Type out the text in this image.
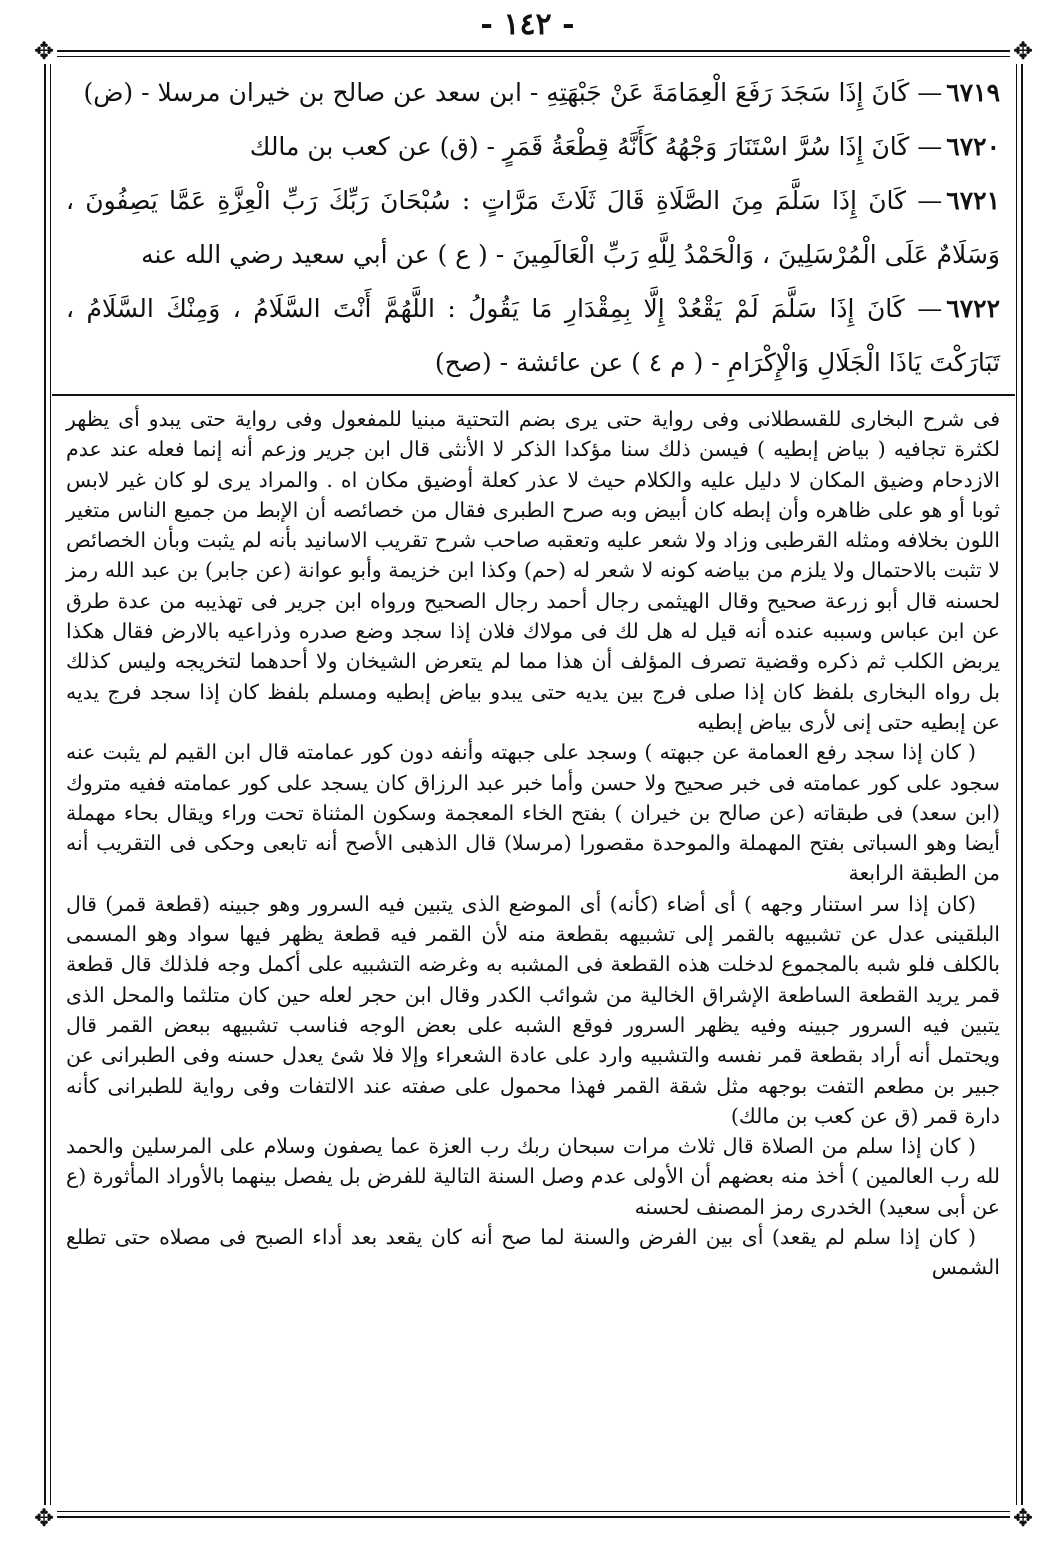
- ١٤٢ -
✥	✥
✥	✥

٦٧١٩— كَانَ إِذَا سَجَدَ رَفَعَ الْعِمَامَةَ عَنْ جَبْهَتِهِ - ابن سعد عن صالح بن خيران مرسلا - (ض)

٦٧٢٠— كَانَ إِذَا سُرَّ اسْتَنَارَ وَجْهُهُ كَأَنَّهُ قِطْعَةُ قَمَرٍ - (ق) عن كعب بن مالك

٦٧٢١— كَانَ إِذَا سَلَّمَ مِنَ الصَّلَاةِ قَالَ ثَلَاثَ مَرَّاتٍ : سُبْحَانَ رَبِّكَ رَبِّ الْعِزَّةِ عَمَّا يَصِفُونَ ، وَسَلَامٌ عَلَى الْمُرْسَلِينَ ، وَالْحَمْدُ لِلَّهِ رَبِّ الْعَالَمِينَ - ( ع ) عن أبي سعيد رضي الله عنه

٦٧٢٢— كَانَ إِذَا سَلَّمَ لَمْ يَقْعُدْ إِلَّا بِمِقْدَارِ مَا يَقُولُ : اللَّهُمَّ أَنْتَ السَّلَامُ ، وَمِنْكَ السَّلَامُ ، تَبَارَكْتَ يَاذَا الْجَلَالِ وَالْإِكْرَامِ - ( م ٤ ) عن عائشة - (صح)

فى شرح البخارى للقسطلانى وفى رواية حتى يرى بضم التحتية مبنيا للمفعول وفى رواية حتى يبدو أى يظهر لكثرة تجافيه ( بياض إبطيه ) فيسن ذلك سنا مؤكدا الذكر لا الأنثى قال ابن جرير وزعم أنه إنما فعله عند عدم الازدحام وضيق المكان لا دليل عليه والكلام حيث لا عذر كعلة أوضيق مكان اه . والمراد يرى لو كان غير لابس ثوبا أو هو على ظاهره وأن إبطه كان أبيض وبه صرح الطبرى فقال من خصائصه أن الإبط من جميع الناس متغير اللون بخلافه ومثله القرطبى وزاد ولا شعر عليه وتعقبه صاحب شرح تقريب الاسانيد بأنه لم يثبت وبأن الخصائص لا تثبت بالاحتمال ولا يلزم من بياضه كونه لا شعر له (حم) وكذا ابن خزيمة وأبو عوانة (عن جابر) بن عبد الله رمز لحسنه قال أبو زرعة صحيح وقال الهيثمى رجال أحمد رجال الصحيح ورواه ابن جرير فى تهذيبه من عدة طرق عن ابن عباس وسببه عنده أنه قيل له هل لك فى مولاك فلان إذا سجد وضع صدره وذراعيه بالارض فقال هكذا يربض الكلب ثم ذكره وقضية تصرف المؤلف أن هذا مما لم يتعرض الشيخان ولا أحدهما لتخريجه وليس كذلك بل رواه البخارى بلفظ كان إذا صلى فرج بين يديه حتى يبدو بياض إبطيه ومسلم بلفظ كان إذا سجد فرج يديه عن إبطيه حتى إنى لأرى بياض إبطيه

( كان إذا سجد رفع العمامة عن جبهته ) وسجد على جبهته وأنفه دون كور عمامته قال ابن القيم لم يثبت عنه سجود على كور عمامته فى خبر صحيح ولا حسن وأما خبر عبد الرزاق كان يسجد على كور عمامته ففيه متروك (ابن سعد) فى طبقاته (عن صالح بن خيران ) بفتح الخاء المعجمة وسكون المثناة تحت وراء ويقال بحاء مهملة أيضا وهو السباتى بفتح المهملة والموحدة مقصورا (مرسلا) قال الذهبى الأصح أنه تابعى وحكى فى التقريب أنه من الطبقة الرابعة

(كان إذا سر استنار وجهه ) أى أضاء (كأنه) أى الموضع الذى يتبين فيه السرور وهو جبينه (قطعة قمر) قال البلقينى عدل عن تشبيهه بالقمر إلى تشبيهه بقطعة منه لأن القمر فيه قطعة يظهر فيها سواد وهو المسمى بالكلف فلو شبه بالمجموع لدخلت هذه القطعة فى المشبه به وغرضه التشبيه على أكمل وجه فلذلك قال قطعة قمر يريد القطعة الساطعة الإشراق الخالية من شوائب الكدر وقال ابن حجر لعله حين كان متلثما والمحل الذى يتبين فيه السرور جبينه وفيه يظهر السرور فوقع الشبه على بعض الوجه فناسب تشبيهه ببعض القمر قال ويحتمل أنه أراد بقطعة قمر نفسه والتشبيه وارد على عادة الشعراء وإلا فلا شئ يعدل حسنه وفى الطبرانى عن جبير بن مطعم التفت بوجهه مثل شقة القمر فهذا محمول على صفته عند الالتفات وفى رواية للطبرانى كأنه دارة قمر (ق عن كعب بن مالك)

( كان إذا سلم من الصلاة قال ثلاث مرات سبحان ربك رب العزة عما يصفون وسلام على المرسلين والحمد لله رب العالمين ) أخذ منه بعضهم أن الأولى عدم وصل السنة التالية للفرض بل يفصل بينهما بالأوراد المأثورة (ع عن أبى سعيد) الخدرى رمز المصنف لحسنه

( كان إذا سلم لم يقعد) أى بين الفرض والسنة لما صح أنه كان يقعد بعد أداء الصبح فى مصلاه حتى تطلع الشمس
